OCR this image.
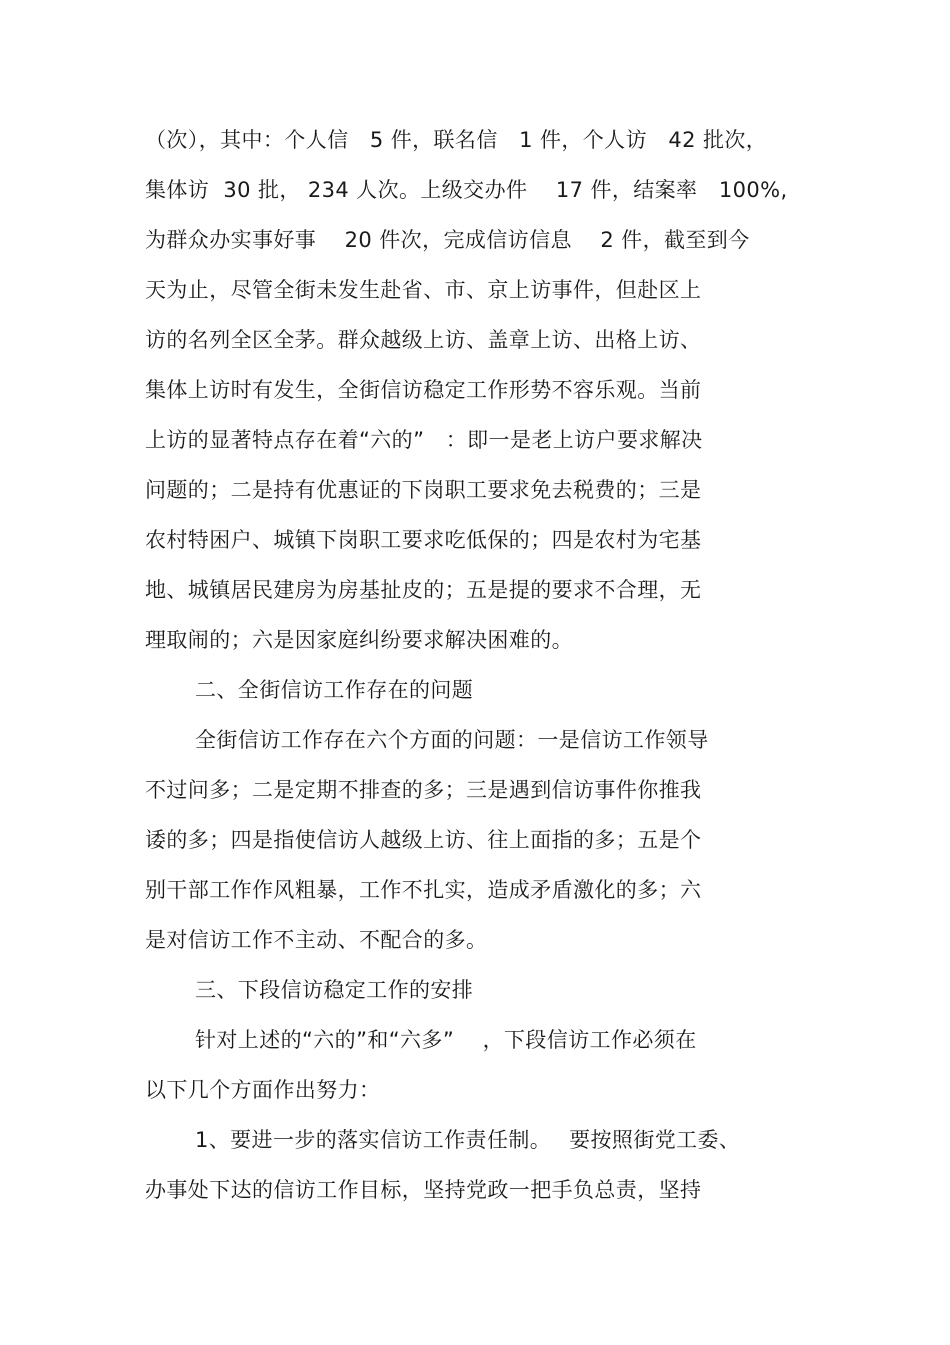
（次），其中：个人信　5 件，联名信　1 件，个人访　42 批次，

集体访  30 批， 234 人次。上级交办件　 17 件，结案率　100%,

为群众办实事好事　 20 件次，完成信访信息　 2 件，截至到今

天为止，尽管全街未发生赴省、市、京上访事件，但赴区上

访的名列全区全茅。群众越级上访、盖章上访、出格上访、

集体上访时有发生，全街信访稳定工作形势不容乐观。当前

上访的显著特点存在着“六的”　：即一是老上访户要求解决

问题的；二是持有优惠证的下岗职工要求免去税费的；三是

农村特困户、城镇下岗职工要求吃低保的；四是农村为宅基

地、城镇居民建房为房基扯皮的；五是提的要求不合理，无

理取闹的；六是因家庭纠纷要求解决困难的。

二、全街信访工作存在的问题

全街信访工作存在六个方面的问题：一是信访工作领导

不过问多；二是定期不排查的多；三是遇到信访事件你推我

诿的多；四是指使信访人越级上访、往上面指的多；五是个

别干部工作作风粗暴，工作不扎实，造成矛盾激化的多；六

是对信访工作不主动、不配合的多。

三、下段信访稳定工作的安排

针对上述的“六的”和“六多”　 ，下段信访工作必须在

以下几个方面作出努力：

1、要进一步的落实信访工作责任制。　 要按照街党工委、

办事处下达的信访工作目标，坚持党政一把手负总责，坚持
